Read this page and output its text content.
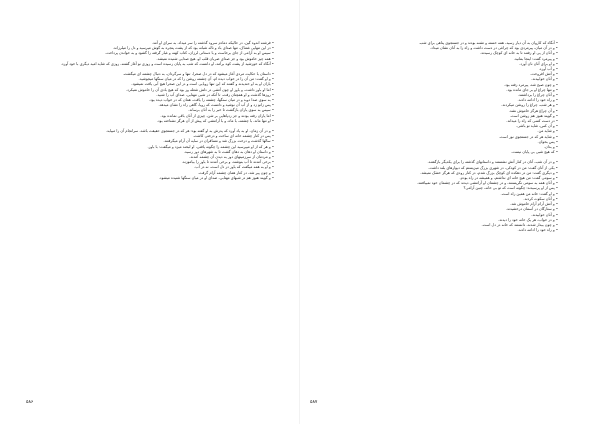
• فرشته اندوه گین، در حالیکه دمادم سرود گذشته را سر میداد، به سرای او آمد.

• در این تنهایی غمناک، تنها صدای باد و ناله شبانه بود که از پشت پنجره به گوش میرسید و دل را میلرزاند.

• سپس او به آرامی از جای برخاست و با دستانی لرزان، کتاب کهنه و غبار گرفته را گشود و به خواندن پرداخت.

• همه چیز خاموش بود و جز صدای ضربان قلب او، هیچ صدایی شنیده نمیشد.

• آنگاه که خورشید از پشت کوه برآمد، او دانست که شب به پایان رسیده است و روزی نو آغاز گشته، روزی که شاید امید دیگری با خود آورد.

• داستان با حکایت مردی آغاز میشود که در دل صحرا، تنها و سرگردان، به دنبال چشمه ای میگشت.

• و او گفت: من آن را در خواب دیده ام، آن چشمه روشن را که در میان سنگها میجوشید.

• یاران او به او خندیدند و گفتند که این تنها رویایی است و در این صحرا هیچ آبی یافت نمیشود.

• اما او باور داشت، و باور او چون آتشی در دلش شعله ور بود که هیچ بادی آن را خاموش نمیکرد.

• روزها گذشت و او همچنان رفت، تا آنکه در شبی مهتابی، صدای آب را شنید.

• به سوی صدا دوید و در میان سنگها، چشمه را یافت، همان که در خواب دیده بود.

• پس زانو زد و از آب آن نوشید و دانست که رویا، گاهی راه را نشان میدهد.

• سپس به سوی یاران بازگشت تا خبر را به آنان برساند.

• اما یاران رفته بودند و جز ردپاهایی بر شن، چیزی از آنان باقی نمانده بود.

• او تنها ماند، با چشمه، با ماه، و با آرامشی که پیش از آن هرگز نشناخته بود.

• و در آن زمان، او به یاد آورد که پدرش به او گفته بود: هر که در جستجوی حقیقت باشد، سرانجام آن را مییابد.

• پس در کنار چشمه خانه ای ساخت و درختی کاشت.

• سالها گذشت و درخت بزرگ شد و مسافران در سایه آن آرام میگرفتند.

• و هر که از او میپرسید این چشمه را چگونه یافتی، او لبخند میزد و میگفت: با باور.

• و داستان او دهان به دهان گشت تا به شهرهای دور رسید.

• و مردمان از سرزمینهای دور به دیدن آن چشمه آمدند.

• برخی آمدند تا آب بنوشند، و برخی آمدند تا باور را بیاموزند.

• و او به همه میگفت که باور در دل است، نه در آب.

• و چون پیر شد، در کنار همان چشمه آرام گرفت.

• و گویند هنوز هم در شبهای مهتابی، صدای او در میان سنگها شنیده میشود.

۵۸۶

• آنگاه که کاروان به آن دیار رسید، همه خسته و تشنه بودند و در جستجوی پناهی برای شب.

• و در آن میان، پیرمردی بود که چراغی در دست داشت و راه را به آنان نشان میداد.

• و آنان از پی او رفتند تا به خانه ای کوچک رسیدند.

• و پیرمرد گفت: اینجا بمانید.

• و او برای آنان نان آورد.

• و آب آورد.

• و آتش افروخت.

• و آنان خوابیدند.

• و چون صبح شد، پیرمرد رفته بود.

• و تنها چراغ او بر جای مانده بود.

• و آنان چراغ را برداشتند.

• و راه خود را ادامه دادند.

• و هر شب، چراغ را روشن میکردند.

• و آن چراغ هرگز خاموش نشد.

• و گویند هنوز هم روشن است.

• در دست کسی که راه را میداند.

• و آن کس، شاید تو باشی.

• و شاید من.

• و شاید هر که در جستجوی نور است.

• پس بخوان.

• و بدان.

• که هیچ شبی بی پایان نیست.

• و در آن شب، آنان در کنار آتش نشستند و داستانهای گذشته را برای یکدیگر بازگفتند.

• یکی از آنان گفت: من در کودکی، در شهری بزرگ میزیستم که دیوارهای بلند داشت.

• و دیگری گفت: من در دهکده ای کوچک بزرگ شدم، در کنار رودی که هرگز خشک نمیشد.

• و سومی گفت: من هیچ خانه ای نداشتم، و همیشه در راه بودم.

• و آنان همه به سومی نگریستند، و در چشمان او آرامشی دیدند که در چشمان خود نمییافتند.

• پس از او پرسیدند: چگونه است که تو بی خانه، چنین آرامی؟

• و او گفت: خانه من همین راه است.

• و آنان سکوت کردند.

• و آتش آرام آرام خاموش شد.

• و ستارگان در آسمان درخشیدند.

• و آنان خوابیدند.

• و در خواب، هر یک خانه خود را دیدند.

• و چون بیدار شدند، دانستند که خانه در دل است.

• و راه خود را ادامه دادند.

۵۸۷
